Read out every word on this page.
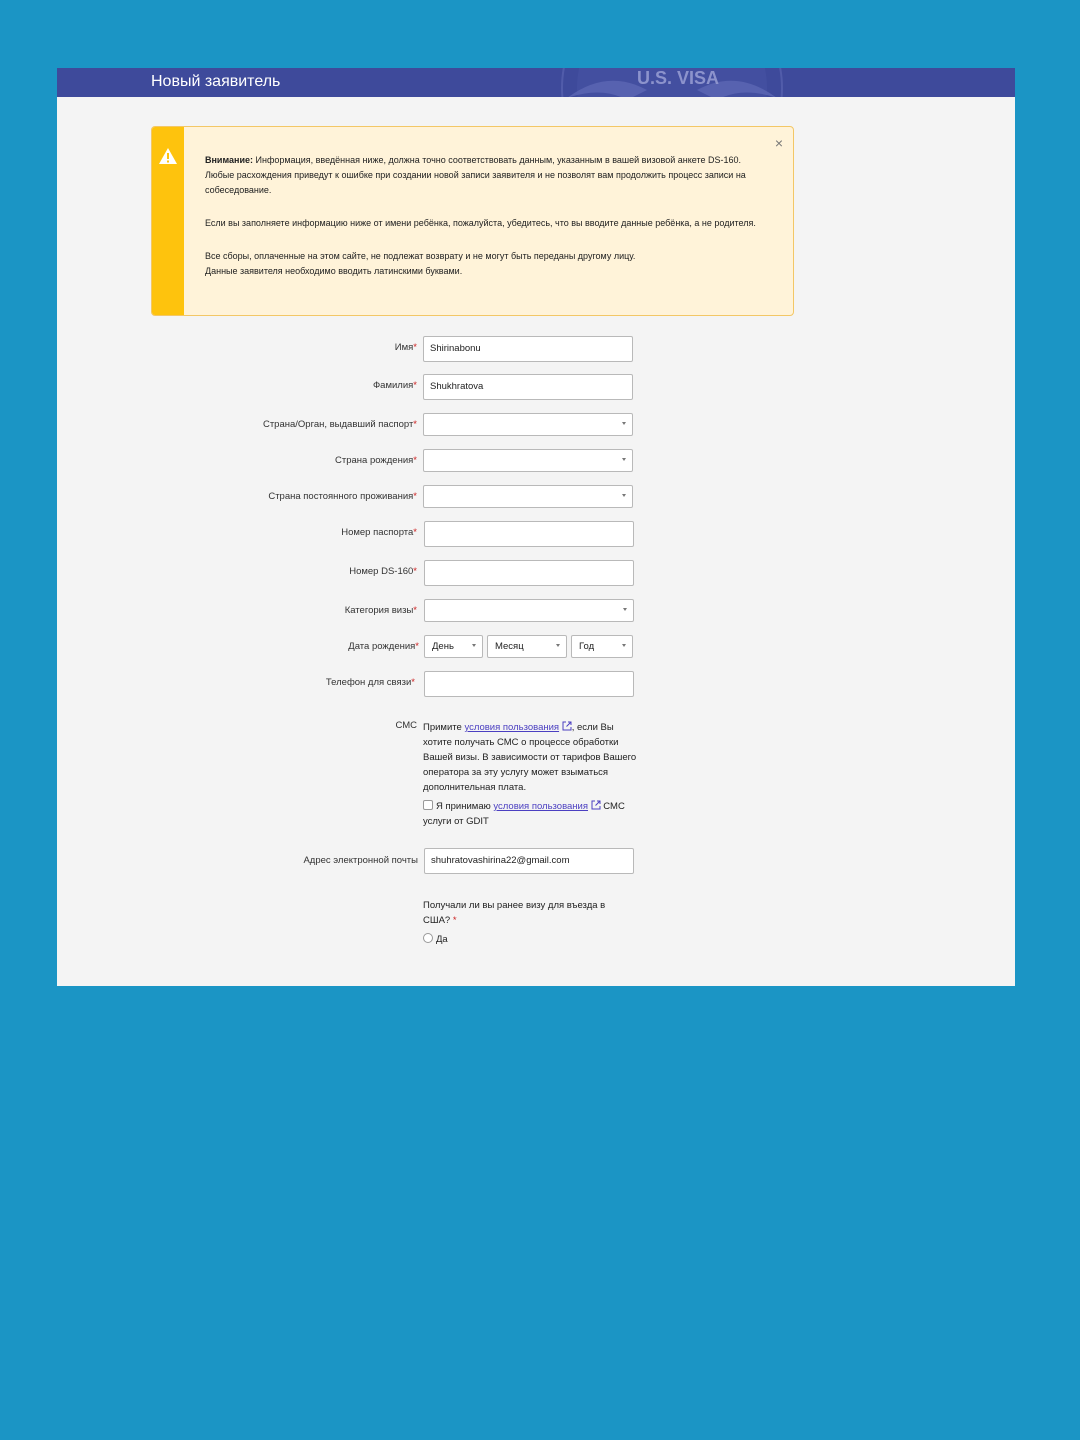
Новый заявитель	U.S. VISA
×

Внимание: Информация, введённая ниже, должна точно соответствовать данным, указанным в вашей визовой анкете DS-160. Любые расхождения приведут к ошибке при создании новой записи заявителя и не позволят вам продолжить процесс записи на собеседование.

Если вы заполняете информацию ниже от имени ребёнка, пожалуйста, убедитесь, что вы вводите данные ребёнка, а не родителя.

Все сборы, оплаченные на этом сайте, не подлежат возврату и не могут быть переданы другому лицу.
Данные заявителя необходимо вводить латинскими буквами.

Имя*	Shirinabonu
Фамилия*	Shukhratova
Страна/Орган, выдавший паспорт*
Страна рождения*
Страна постоянного проживания*
Номер паспорта*
Номер DS-160*
Категория визы*
Дата рождения*	День	Месяц	Год
Телефон для связи*
СМС Примите условия пользования , если Вы хотите получать СМС о процессе обработки Вашей визы. В зависимости от тарифов Вашего оператора за эту услугу может взыматься дополнительная плата.
Я принимаю условия пользования  СМС услуги от GDIT
Адрес электронной почты	shuhratovashirina22@gmail.com
Получали ли вы ранее визу для въезда в США? *
Да
